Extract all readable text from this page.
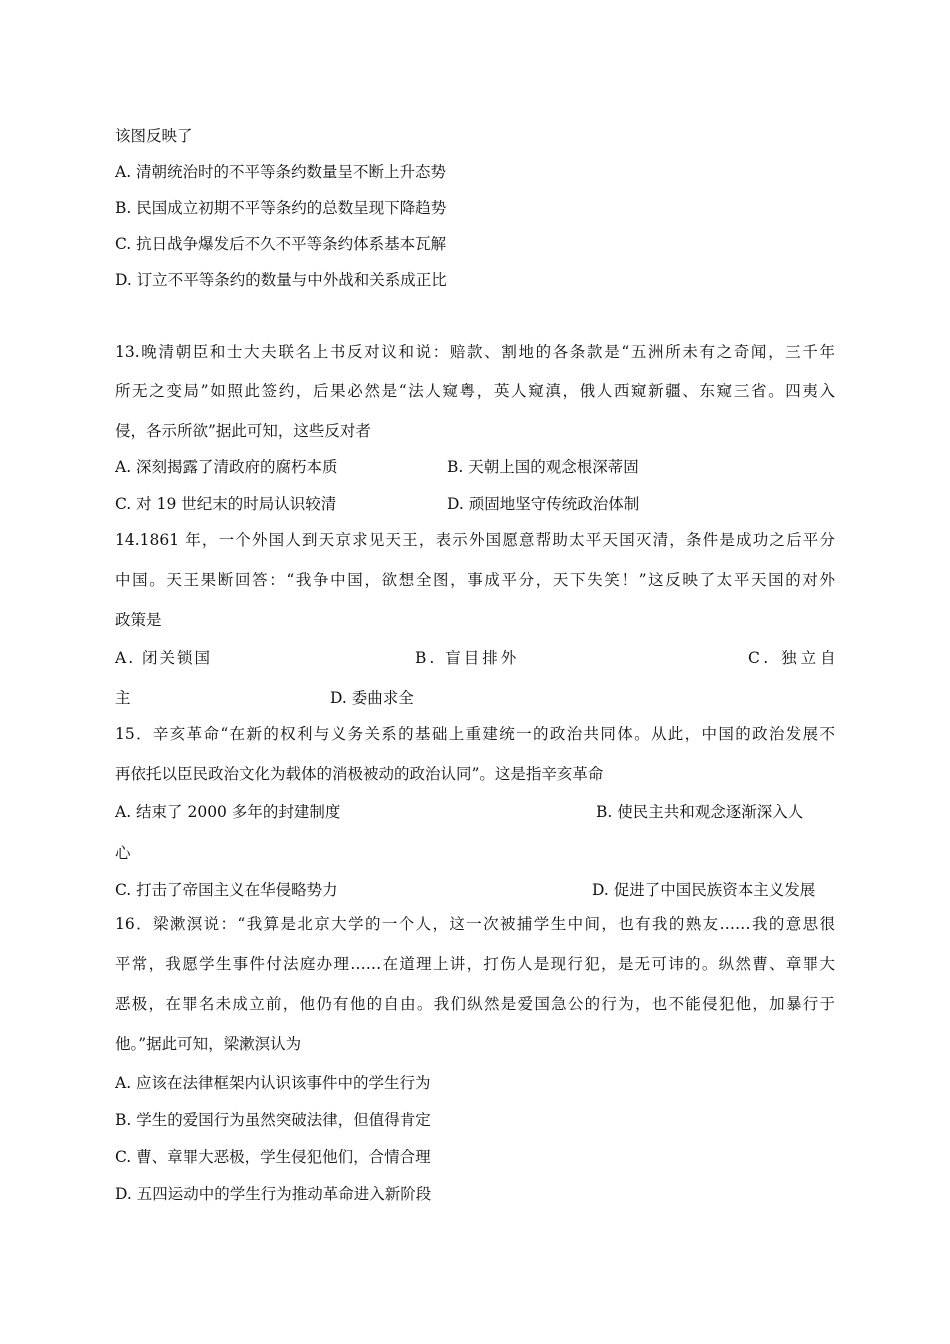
该图反映了
A. 清朝统治时的不平等条约数量呈不断上升态势
B. 民国成立初期不平等条约的总数呈现下降趋势
C. 抗日战争爆发后不久不平等条约体系基本瓦解
D. 订立不平等条约的数量与中外战和关系成正比
13.晚清朝臣和士大夫联名上书反对议和说：赔款、割地的各条款是“五洲所未有之奇闻，三千年
所无之变局”如照此签约，后果必然是“法人窥粤，英人窥滇，俄人西窥新疆、东窥三省。四夷入
侵，各示所欲”据此可知，这些反对者
A. 深刻揭露了清政府的腐朽本质	B. 天朝上国的观念根深蒂固
C. 对 19 世纪末的时局认识较清	D. 顽固地坚守传统政治体制
14.1861 年，一个外国人到天京求见天王，表示外国愿意帮助太平天国灭清，条件是成功之后平分
中国。天王果断回答：“我争中国，欲想全图，事成平分，天下失笑！”这反映了太平天国的对外
政策是
A. 闭关锁国	B. 盲目排外	C. 独立自
主	D. 委曲求全
15．辛亥革命“在新的权利与义务关系的基础上重建统一的政治共同体。从此，中国的政治发展不
再依托以臣民政治文化为载体的消极被动的政治认同”。这是指辛亥革命
A. 结束了 2000 多年的封建制度	B. 使民主共和观念逐渐深入人
心
C. 打击了帝国主义在华侵略势力	D. 促进了中国民族资本主义发展
16．梁漱溟说：“我算是北京大学的一个人，这一次被捕学生中间，也有我的熟友……我的意思很
平常，我愿学生事件付法庭办理……在道理上讲，打伤人是现行犯，是无可讳的。纵然曹、章罪大
恶极，在罪名未成立前，他仍有他的自由。我们纵然是爱国急公的行为，也不能侵犯他，加暴行于
他。”据此可知，梁漱溟认为
A. 应该在法律框架内认识该事件中的学生行为
B. 学生的爱国行为虽然突破法律，但值得肯定
C. 曹、章罪大恶极，学生侵犯他们，合情合理
D. 五四运动中的学生行为推动革命进入新阶段
